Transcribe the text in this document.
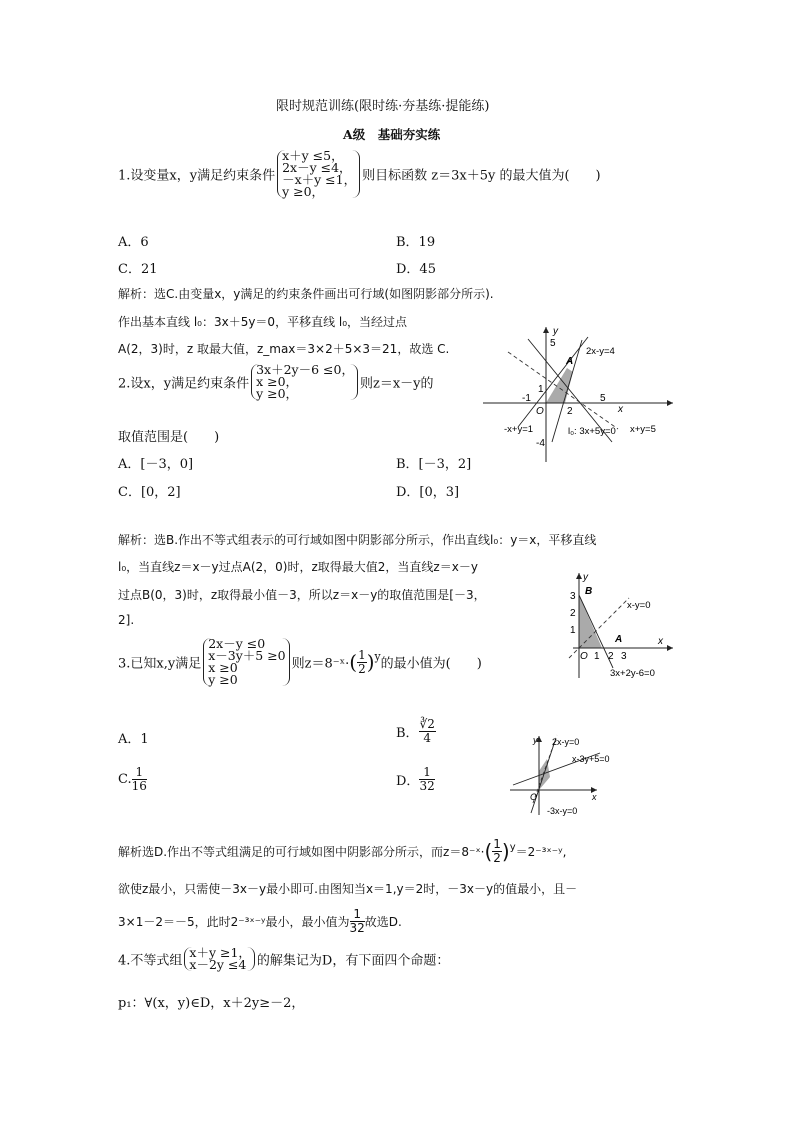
限时规范训练(限时练·夯基练·提能练)
A级　基础夯实练
1.设变量x，y满足约束条件
x＋y ≤5，
2x－y ≤4，
－x＋y ≤1，
y ≥0，
则目标函数 z＝3x＋5y 的最大值为(　　)
A．6	B．19
C．21	D．45
解析：选C.由变量x，y满足的约束条件画出可行域(如图阴影部分所示).
作出基本直线 l₀：3x＋5y＝0，平移直线 l₀，当经过点
A(2，3)时，z 取最大值，z_max＝3×2＋5×3＝21，故选 C.
y
x
O
5
1
-1
2
5
-4
A
2x-y=4
-x+y=1	l₀: 3x+5y=0 x+y=5
2.设x，y满足约束条件
3x＋2y－6 ≤0，
x ≥0，
y ≥0，
则z＝x－y的
取值范围是(　　)
A．[－3，0]	B．[－3，2]
C．[0，2]	D．[0，3]
解析：选B.作出不等式组表示的可行域如图中阴影部分所示，作出直线l₀：y＝x，平移直线
l₀，当直线z＝x－y过点A(2，0)时，z取得最大值2，当直线z＝x－y
过点B(0，3)时，z取得最小值－3，所以z＝x－y的取值范围是[－3，
2].
y
x
O
3
2
1
1 2 3
B
A
x-y=0
3x+2y-6=0
3.已知x,y满足
2x－y ≤0
x－3y＋5 ≥0
x ≥0
y ≥0
则z＝8⁻ˣ·( $\frac{1}{2} )^y$的最小值为(　　)
A．1	B． $\frac{∛2}{4}$
C. $\frac{1}{16}$	D． $\frac{1}{32}$
y
x
O
2x-y=0
x-3y+5=0
-3x-y=0
解析选D.作出不等式组满足的可行域如图中阴影部分所示，而z＝8⁻ˣ·( $\frac{1}{2}$ )$^y$＝2⁻³ˣ⁻ʸ,
欲使z最小，只需使－3x－y最小即可.由图知当x＝1,y＝2时，－3x－y的值最小，且－
3×1－2＝－5，此时2⁻³ˣ⁻ʸ最小，最小值为 $\frac{1}{32}$ 故选D.
4.不等式组
x＋y ≥1，
x－2y ≤4 的解集记为D，有下面四个命题：
p₁：∀(x，y)∈D，x＋2y≥－2，
